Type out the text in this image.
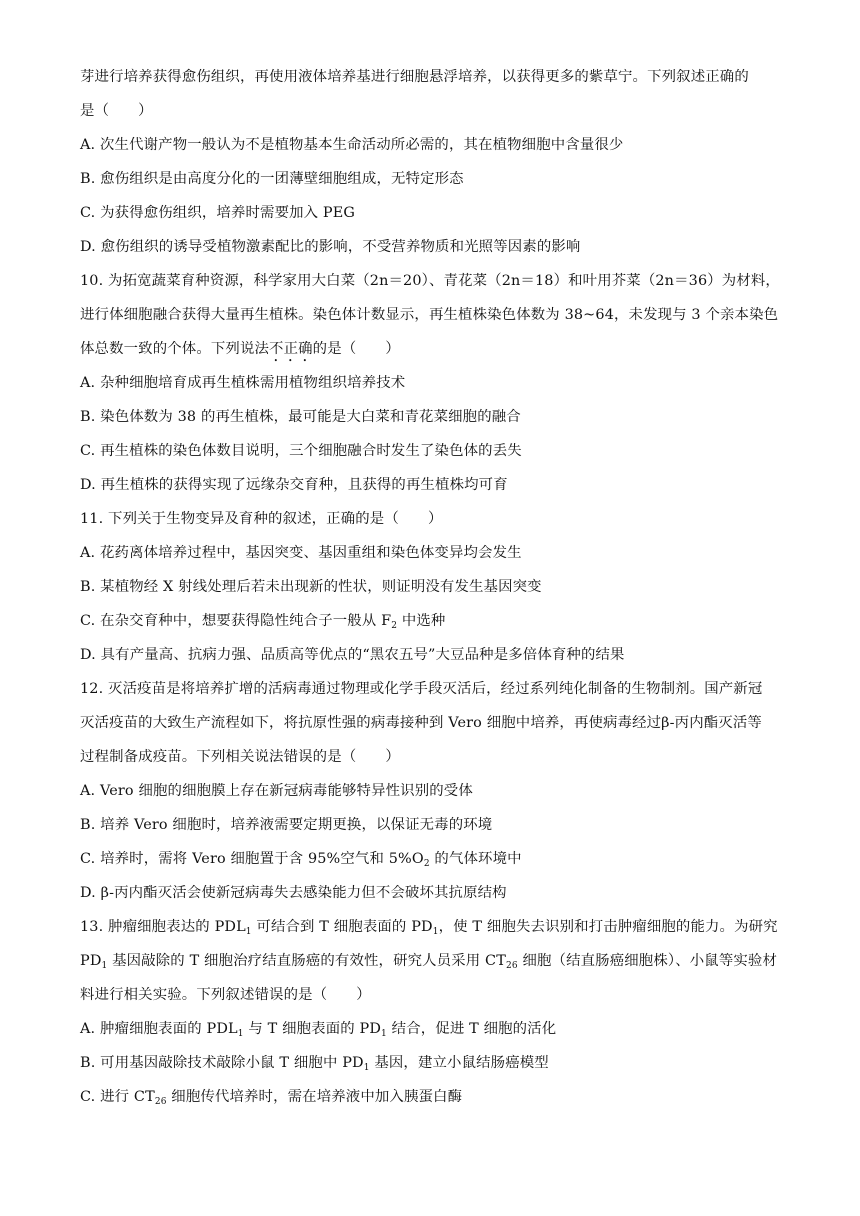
芽进行培养获得愈伤组织，再使用液体培养基进行细胞悬浮培养，以获得更多的紫草宁。下列叙述正确的
是（　　）
A. 次生代谢产物一般认为不是植物基本生命活动所必需的，其在植物细胞中含量很少
B. 愈伤组织是由高度分化的一团薄壁细胞组成，无特定形态
C. 为获得愈伤组织，培养时需要加入 PEG
D. 愈伤组织的诱导受植物激素配比的影响，不受营养物质和光照等因素的影响
10. 为拓宽蔬菜育种资源，科学家用大白菜（2n＝20）、青花菜（2n＝18）和叶用芥菜（2n＝36）为材料，
进行体细胞融合获得大量再生植株。染色体计数显示，再生植株染色体数为 38~64，未发现与 3 个亲本染色
体总数一致的个体。下列说法不正确的是（　　）
A. 杂种细胞培育成再生植株需用植物组织培养技术
B. 染色体数为 38 的再生植株，最可能是大白菜和青花菜细胞的融合
C. 再生植株的染色体数目说明，三个细胞融合时发生了染色体的丢失
D. 再生植株的获得实现了远缘杂交育种，且获得的再生植株均可育
11. 下列关于生物变异及育种的叙述，正确的是（　　）
A. 花药离体培养过程中，基因突变、基因重组和染色体变异均会发生
B. 某植物经 X 射线处理后若未出现新的性状，则证明没有发生基因突变
C. 在杂交育种中，想要获得隐性纯合子一般从 $F_2$ 中选种
D. 具有产量高、抗病力强、品质高等优点的“黑农五号”大豆品种是多倍体育种的结果
12. 灭活疫苗是将培养扩增的活病毒通过物理或化学手段灭活后，经过系列纯化制备的生物制剂。国产新冠
灭活疫苗的大致生产流程如下，将抗原性强的病毒接种到 Vero 细胞中培养，再使病毒经过β-丙内酯灭活等
过程制备成疫苗。下列相关说法错误的是（　　）
A. Vero 细胞的细胞膜上存在新冠病毒能够特异性识别的受体
B. 培养 Vero 细胞时，培养液需要定期更换，以保证无毒的环境
C. 培养时，需将 Vero 细胞置于含 95%空气和 $5\%O_2$ 的气体环境中
D. β-丙内酯灭活会使新冠病毒失去感染能力但不会破坏其抗原结构
13. 肿瘤细胞表达的 $PDL_1$ 可结合到 T 细胞表面的 $PD_1$，使 T 细胞失去识别和打击肿瘤细胞的能力。为研究
$PD_1$ 基因敲除的 T 细胞治疗结直肠癌的有效性，研究人员采用 $CT_{26}$ 细胞（结直肠癌细胞株）、小鼠等实验材
料进行相关实验。下列叙述错误的是（　　）
A. 肿瘤细胞表面的 $PDL_1$ 与 T 细胞表面的 $PD_1$ 结合，促进 T 细胞的活化
B. 可用基因敲除技术敲除小鼠 T 细胞中 $PD_1$ 基因，建立小鼠结肠癌模型
C. 进行 $CT_{26}$ 细胞传代培养时，需在培养液中加入胰蛋白酶
